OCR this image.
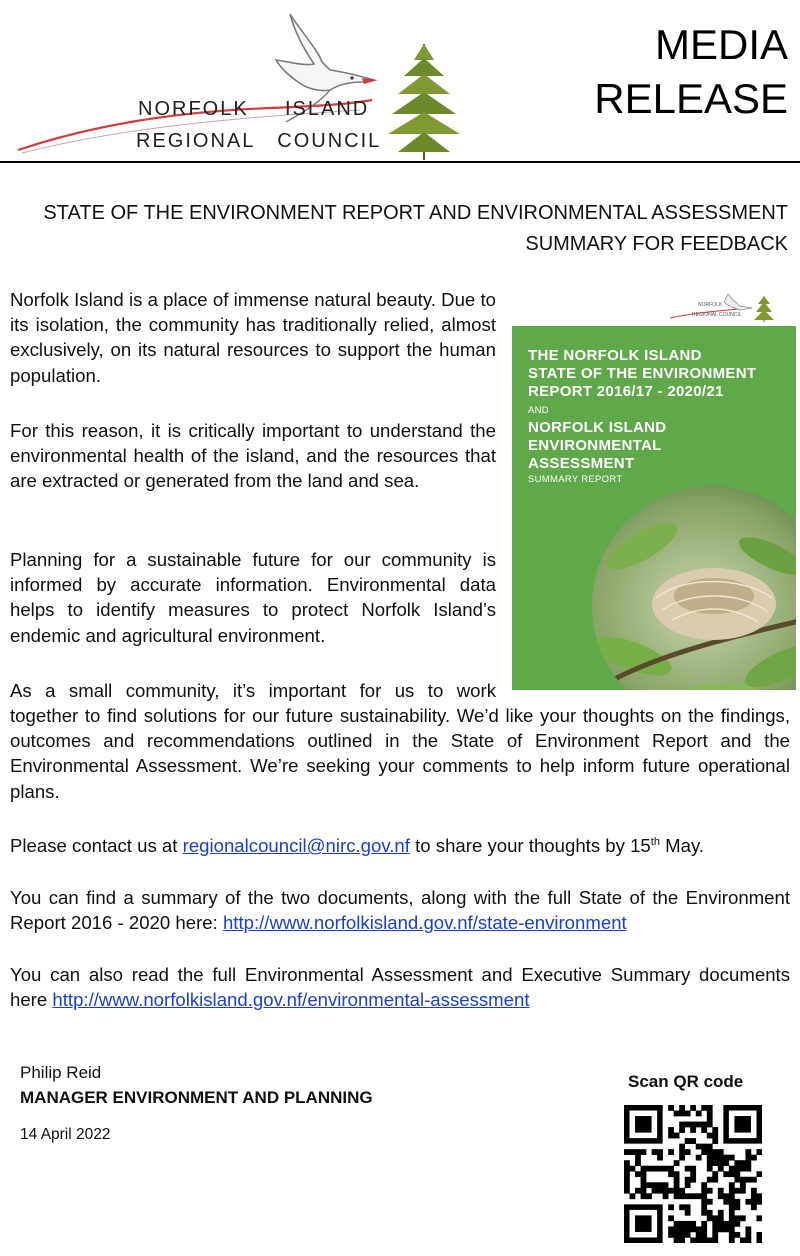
NORFOLK ISLAND
REGIONAL   COUNCIL
MEDIA
RELEASE
STATE OF THE ENVIRONMENT REPORT AND ENVIRONMENTAL ASSESSMENT
SUMMARY FOR FEEDBACK

Norfolk Island is a place of immense natural beauty. Due to its isolation, the community has traditionally relied, almost exclusively, on its natural resources to support the human population.

For this reason, it is critically important to understand the environmental health of the island, and the resources that are extracted or generated from the land and sea.

Planning for a sustainable future for our community is informed by accurate information. Environmental data helps to identify measures to protect Norfolk Island’s endemic and agricultural environment.

As a small community, it’s important for us to work

together to find solutions for our future sustainability. We’d like your thoughts on the findings, outcomes and recommendations outlined in the State of Environment Report and the Environmental Assessment. We’re seeking your comments to help inform future operational plans.

Please contact us at regionalcouncil@nirc.gov.nf to share your thoughts by 15th May.

You can find a summary of the two documents, along with the full State of the Environment Report 2016 - 2020 here: http://www.norfolkisland.gov.nf/state-environment

You can also read the full Environmental Assessment and Executive Summary documents here http://www.norfolkisland.gov.nf/environmental-assessment

NORFOLK
REGIONAL COUNCIL
THE NORFOLK ISLAND
STATE OF THE ENVIRONMENT
REPORT 2016/17 - 2020/21
AND
NORFOLK ISLAND
ENVIRONMENTAL
ASSESSMENT
SUMMARY REPORT
Philip Reid
MANAGER ENVIRONMENT AND PLANNING
14 April 2022
Scan QR code
